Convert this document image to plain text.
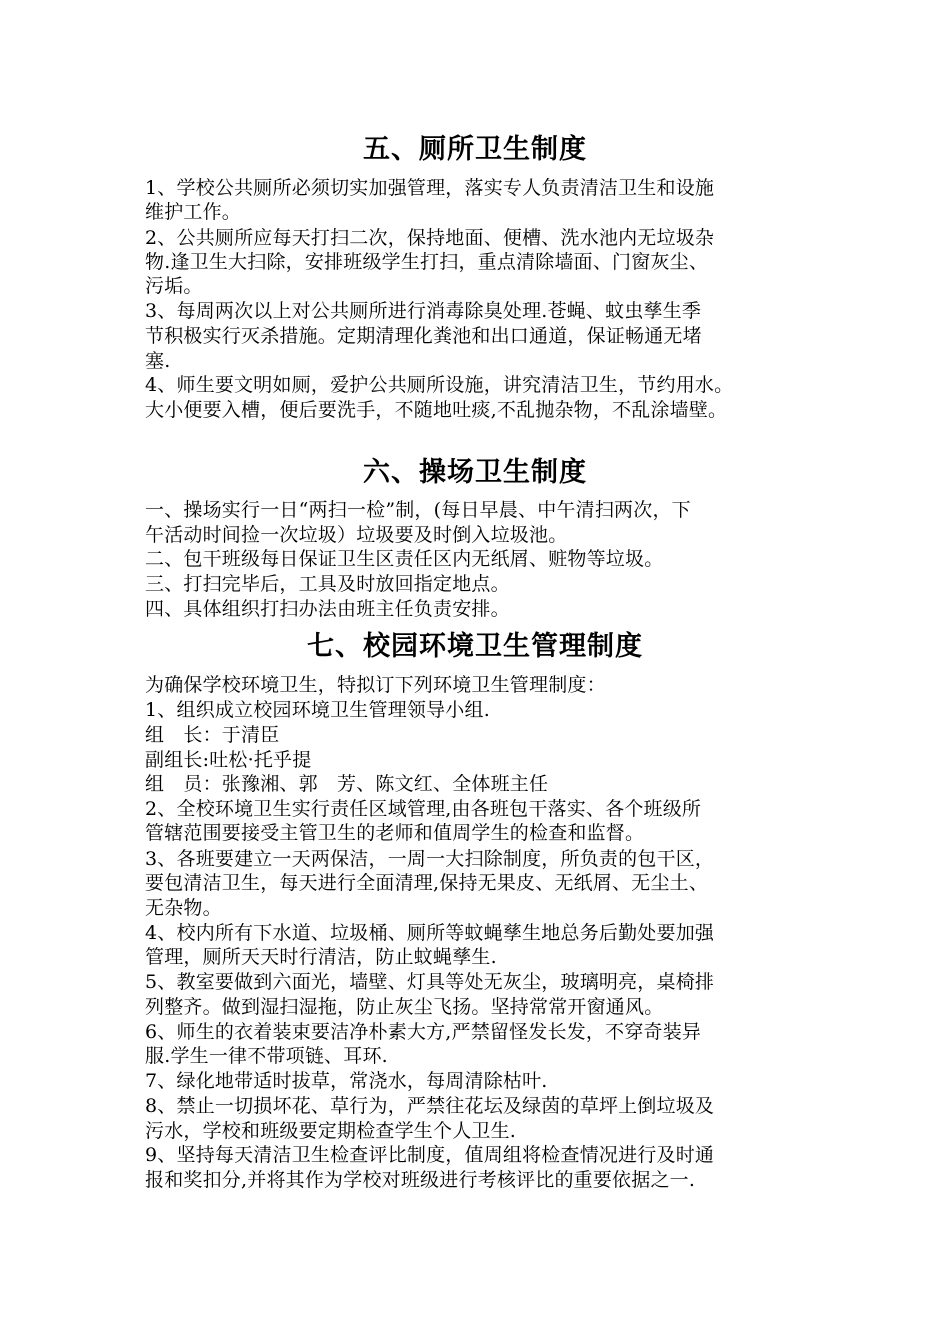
五、厕所卫生制度

1、学校公共厕所必须切实加强管理，落实专人负责清洁卫生和设施

维护工作。

2、公共厕所应每天打扫二次，保持地面、便槽、洗水池内无垃圾杂

物.逢卫生大扫除，安排班级学生打扫，重点清除墙面、门窗灰尘、

污垢。

3、每周两次以上对公共厕所进行消毒除臭处理.苍蝇、蚊虫孳生季

节积极实行灭杀措施。定期清理化粪池和出口通道，保证畅通无堵

塞.

4、师生要文明如厕，爱护公共厕所设施，讲究清洁卫生，节约用水。

大小便要入槽，便后要洗手，不随地吐痰,不乱抛杂物，不乱涂墙壁。

六、操场卫生制度

一、操场实行一日“两扫一检”制，(每日早晨、中午清扫两次，下

午活动时间捡一次垃圾）垃圾要及时倒入垃圾池。

二、包干班级每日保证卫生区责任区内无纸屑、赃物等垃圾。

三、打扫完毕后，工具及时放回指定地点。

四、具体组织打扫办法由班主任负责安排。

七、校园环境卫生管理制度

为确保学校环境卫生，特拟订下列环境卫生管理制度：

1、组织成立校园环境卫生管理领导小组.

组　长：于清臣

副组长:吐松·托乎提

组　员：张豫湘、郭　芳、陈文红、全体班主任

2、全校环境卫生实行责任区域管理,由各班包干落实、各个班级所

管辖范围要接受主管卫生的老师和值周学生的检查和监督。

3、各班要建立一天两保洁，一周一大扫除制度，所负责的包干区，

要包清洁卫生，每天进行全面清理,保持无果皮、无纸屑、无尘土、

无杂物。

4、校内所有下水道、垃圾桶、厕所等蚊蝇孳生地总务后勤处要加强

管理，厕所天天时行清洁，防止蚊蝇孳生.

5、教室要做到六面光，墙壁、灯具等处无灰尘，玻璃明亮，桌椅排

列整齐。做到湿扫湿拖，防止灰尘飞扬。坚持常常开窗通风。

6、师生的衣着装束要洁净朴素大方,严禁留怪发长发，不穿奇装异

服.学生一律不带项链、耳环.

7、绿化地带适时拔草，常浇水，每周清除枯叶.

8、禁止一切损坏花、草行为，严禁往花坛及绿茵的草坪上倒垃圾及

污水，学校和班级要定期检查学生个人卫生.

9、坚持每天清洁卫生检查评比制度，值周组将检查情况进行及时通

报和奖扣分,并将其作为学校对班级进行考核评比的重要依据之一.
